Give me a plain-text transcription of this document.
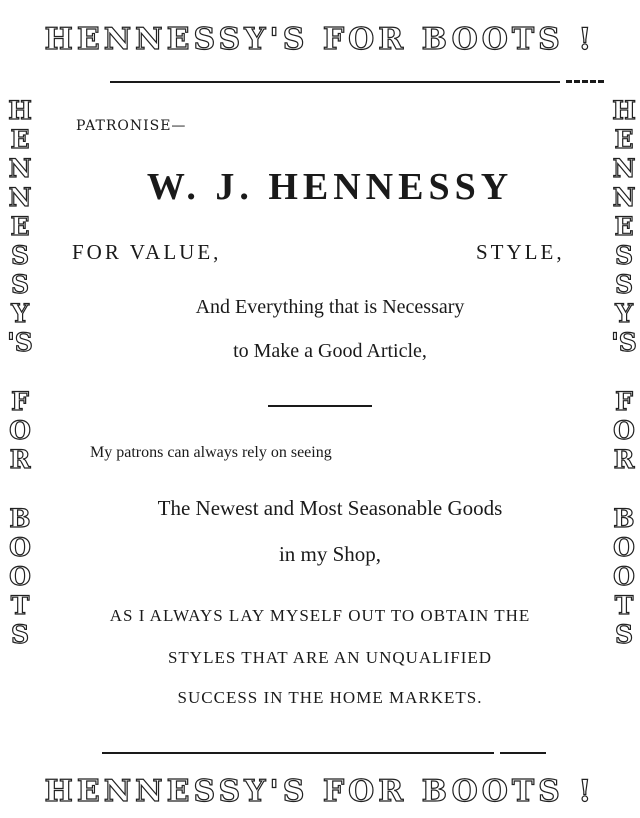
HENNESSY'S FOR BOOTS !
H
E
N
N
E
S
S
Y
'S
F
O
R
B
O
O
T
S
H
E
N
N
E
S
S
Y
'S
F
O
R
B
O
O
T
S
PATRONISE—
W. J. HENNESSY
FOR VALUE,	STYLE,
And Everything that is Necessary
to Make a Good Article,
My patrons can always rely on seeing
The Newest and Most Seasonable Goods
in my Shop,
AS I ALWAYS LAY MYSELF OUT TO OBTAIN THE
STYLES THAT ARE AN UNQUALIFIED
SUCCESS IN THE HOME MARKETS.
HENNESSY'S FOR BOOTS !
